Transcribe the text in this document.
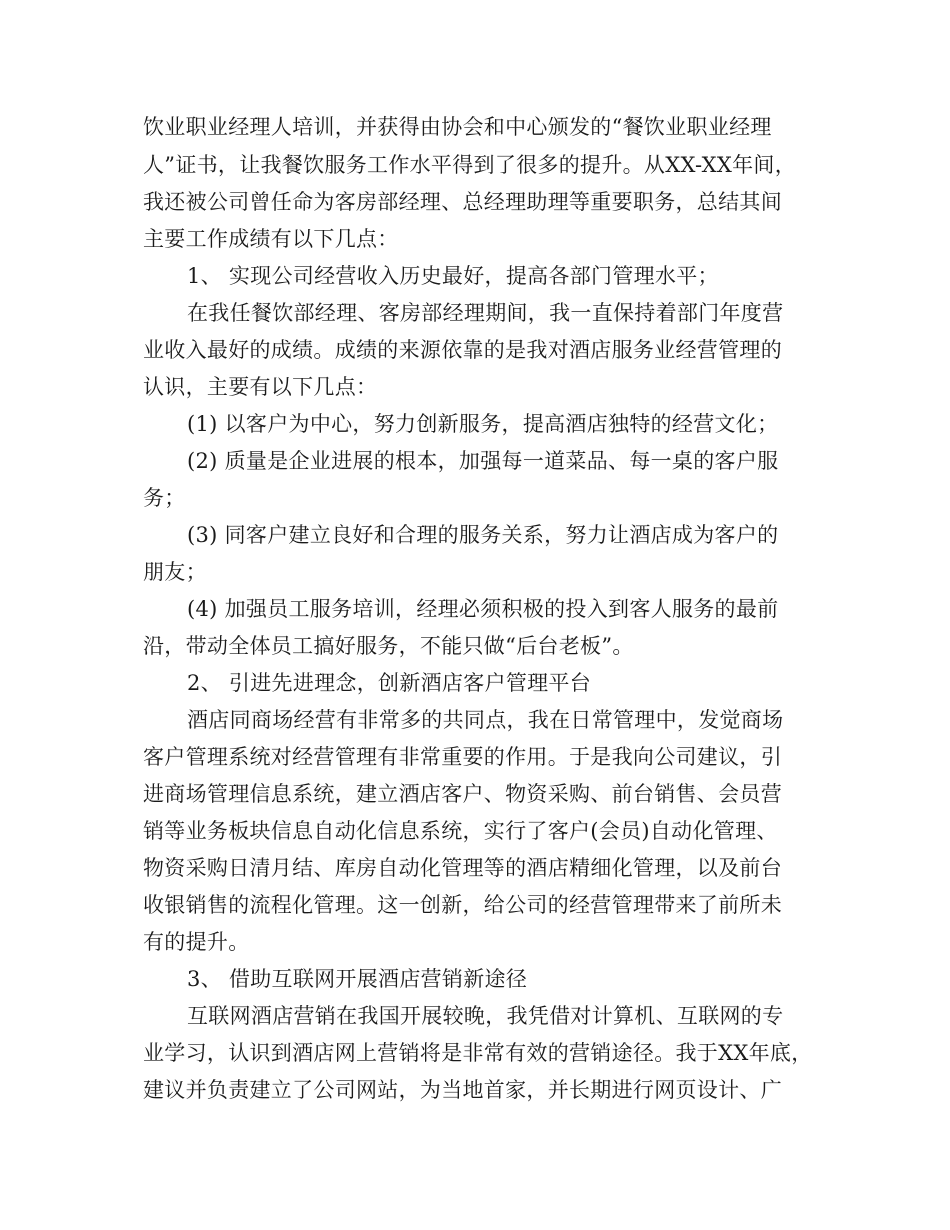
饮业职业经理人培训，并获得由协会和中心颁发的“餐饮业职业经理
人”证书，让我餐饮服务工作水平得到了很多的提升。从XX-XX年间，
我还被公司曾任命为客房部经理、总经理助理等重要职务，总结其间
主要工作成绩有以下几点：
1、 实现公司经营收入历史最好，提高各部门管理水平；
在我任餐饮部经理、客房部经理期间，我一直保持着部门年度营
业收入最好的成绩。成绩的来源依靠的是我对酒店服务业经营管理的
认识，主要有以下几点：
(1) 以客户为中心，努力创新服务，提高酒店独特的经营文化；
(2) 质量是企业进展的根本，加强每一道菜品、每一桌的客户服
务；
(3) 同客户建立良好和合理的服务关系，努力让酒店成为客户的
朋友；
(4) 加强员工服务培训，经理必须积极的投入到客人服务的最前
沿，带动全体员工搞好服务，不能只做“后台老板”。
2、 引进先进理念，创新酒店客户管理平台
酒店同商场经营有非常多的共同点，我在日常管理中，发觉商场
客户管理系统对经营管理有非常重要的作用。于是我向公司建议，引
进商场管理信息系统，建立酒店客户、物资采购、前台销售、会员营
销等业务板块信息自动化信息系统，实行了客户(会员)自动化管理、
物资采购日清月结、库房自动化管理等的酒店精细化管理，以及前台
收银销售的流程化管理。这一创新，给公司的经营管理带来了前所未
有的提升。
3、 借助互联网开展酒店营销新途径
互联网酒店营销在我国开展较晚，我凭借对计算机、互联网的专
业学习，认识到酒店网上营销将是非常有效的营销途径。我于XX年底，
建议并负责建立了公司网站，为当地首家，并长期进行网页设计、广
